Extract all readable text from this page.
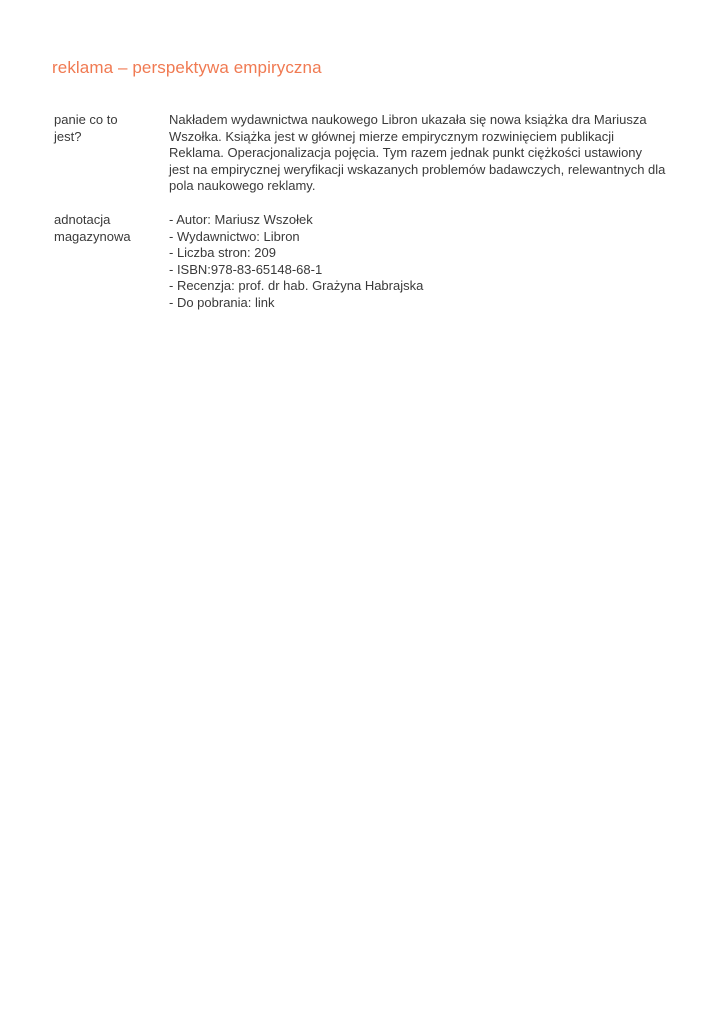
reklama – perspektywa empiryczna
panie co to
jest?
Nakładem wydawnictwa naukowego Libron ukazała się nowa książka dra Mariusza
Wszołka. Książka jest w głównej mierze empirycznym rozwinięciem publikacji
Reklama. Operacjonalizacja pojęcia. Tym razem jednak punkt ciężkości ustawiony
jest na empirycznej weryfikacji wskazanych problemów badawczych, relewantnych dla
pola naukowego reklamy.
adnotacja
magazynowa
- Autor: Mariusz Wszołek
- Wydawnictwo: Libron
- Liczba stron: 209
- ISBN:978-83-65148-68-1
- Recenzja: prof. dr hab. Grażyna Habrajska
- Do pobrania: link
